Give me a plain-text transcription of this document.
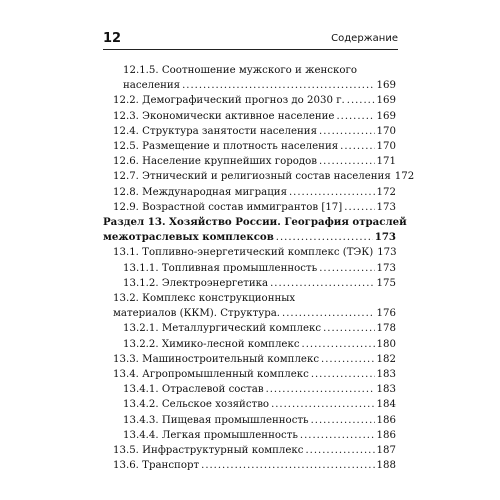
12	Содержание
12.1.5. Соотношение мужского и женского
населения .....	169
12.2. Демографический прогноз до 2030 г. .....	169
12.3. Экономически активное население .....	169
12.4. Структура занятости населения .....	170
12.5. Размещение и плотность населения .....	170
12.6. Население крупнейших городов .....	171
12.7. Этнический и религиозный состав населения 172
12.8. Международная миграция .....	172
12.9. Возрастной состав иммигрантов [17] .....	173
Раздел 13. Хозяйство России. География отраслей
межотраслевых комплексов .....	173
13.1. Топливно-энергетический комплекс (ТЭК) 173
13.1.1. Топливная промышленность .....	173
13.1.2. Электроэнергетика .....	175
13.2. Комплекс конструкционных
материалов (ККМ). Структура. .....	176
13.2.1. Металлургический комплекс .....	178
13.2.2. Химико-лесной комплекс .....	180
13.3. Машиностроительный комплекс .....	182
13.4. Агропромышленный комплекс .....	183
13.4.1. Отраслевой состав .....	183
13.4.2. Сельское хозяйство .....	184
13.4.3. Пищевая промышленность .....	186
13.4.4. Легкая промышленность .....	186
13.5. Инфраструктурный комплекс .....	187
13.6. Транспорт .....	188
